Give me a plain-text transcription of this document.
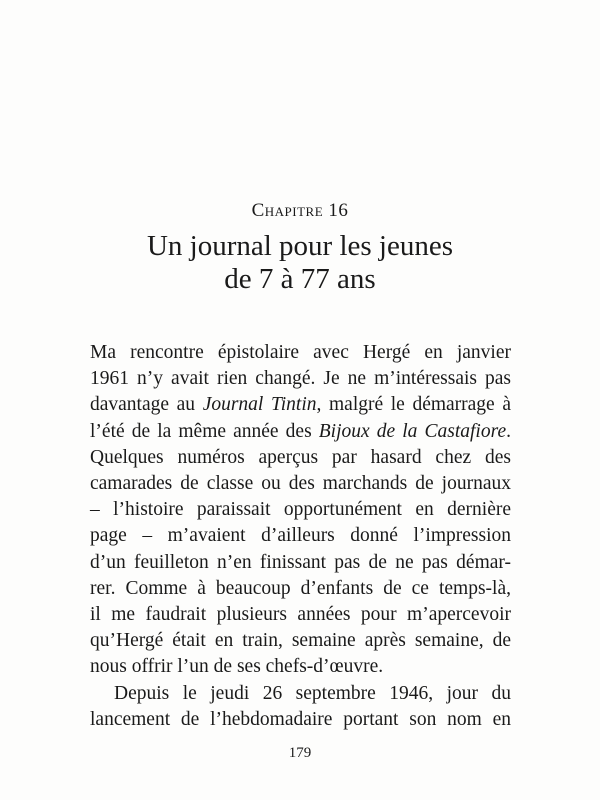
Chapitre 16
Un journal pour les jeunes
de 7 à 77 ans

Ma rencontre épistolaire avec Hergé en janvier
1961 n’y avait rien changé. Je ne m’intéressais pas
davantage au Journal Tintin, malgré le démarrage à
l’été de la même année des Bijoux de la Castafiore.
Quelques numéros aperçus par hasard chez des
camarades de classe ou des marchands de journaux
– l’histoire paraissait opportunément en dernière
page – m’avaient d’ailleurs donné l’impression
d’un feuilleton n’en finissant pas de ne pas démar-
rer. Comme à beaucoup d’enfants de ce temps-là,
il me faudrait plusieurs années pour m’apercevoir
qu’Hergé était en train, semaine après semaine, de
nous offrir l’un de ses chefs-d’œuvre.

Depuis le jeudi 26 septembre 1946, jour du
lancement de l’hebdomadaire portant son nom en

179
